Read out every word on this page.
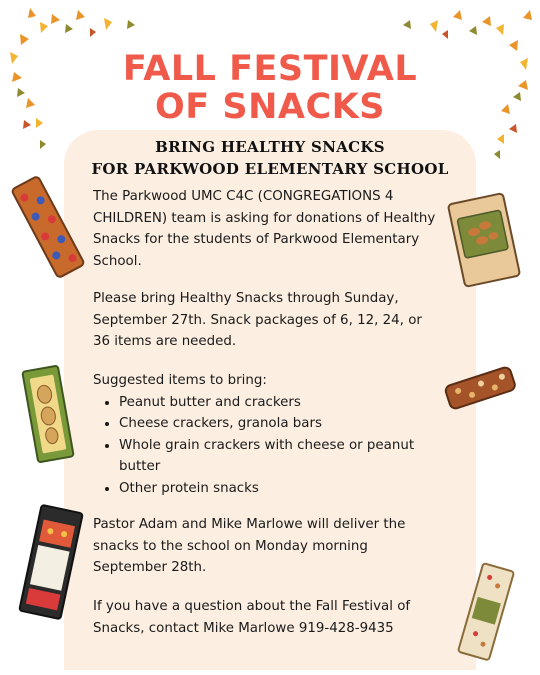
FALL FESTIVAL
OF SNACKS
BRING HEALTHY SNACKS
FOR PARKWOOD ELEMENTARY SCHOOL

The Parkwood UMC C4C (CONGREGATIONS 4 CHILDREN) team is asking for donations of Healthy Snacks for the students of Parkwood Elementary School.

Please bring Healthy Snacks through Sunday, September 27th. Snack packages of 6, 12, 24, or 36 items are needed.

Suggested items to bring:

• Peanut butter and crackers
• Cheese crackers, granola bars
• Whole grain crackers with cheese or peanut butter
• Other protein snacks

Pastor Adam and Mike Marlowe will deliver the snacks to the school on Monday morning September 28th.

If you have a question about the Fall Festival of Snacks, contact Mike Marlowe 919-428-9435
